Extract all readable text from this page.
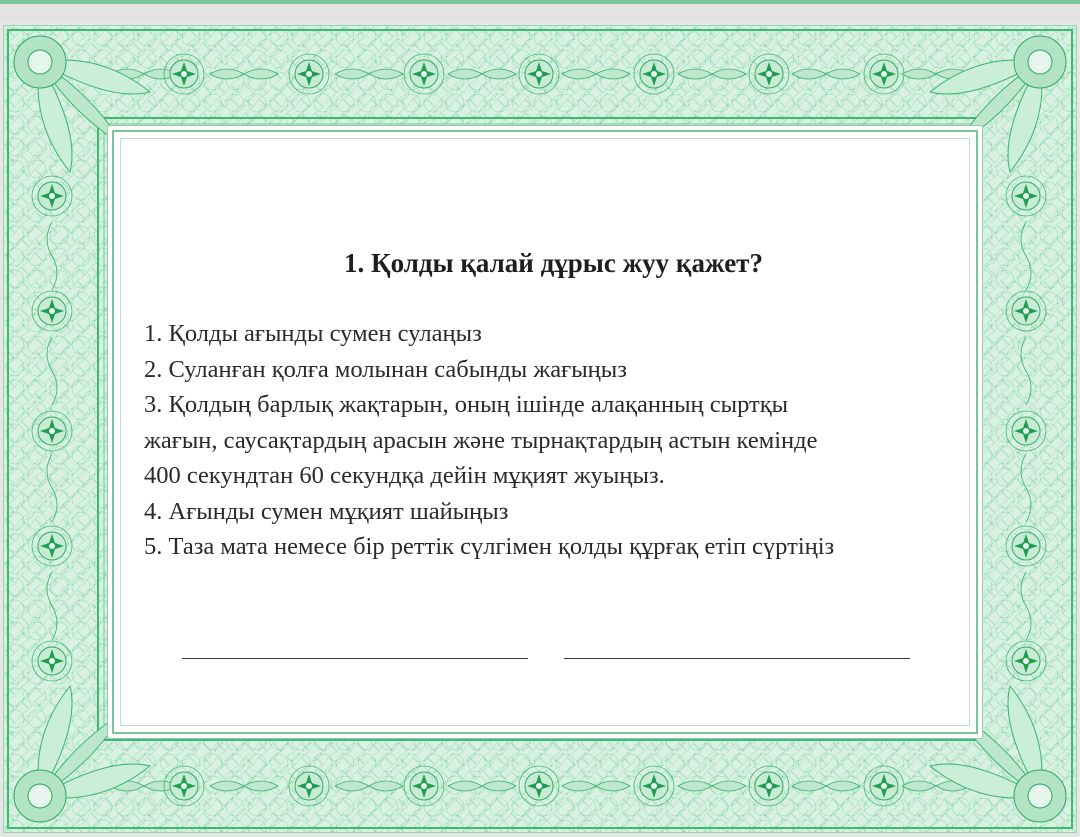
1. Қолды қалай дұрыс жуу қажет?
1. Қолды ағынды сумен сулаңыз
2. Суланған қолға молынан сабынды жағыңыз
3. Қолдың барлық жақтарын, оның ішінде алақанның сыртқы
жағын, саусақтардың арасын және тырнақтардың астын кемінде
400 секундтан 60 секундқа дейін мұқият жуыңыз.
4. Ағынды сумен мұқият шайыңыз
5. Таза мата немесе бір реттік сүлгімен қолды құрғақ етіп сүртіңіз
